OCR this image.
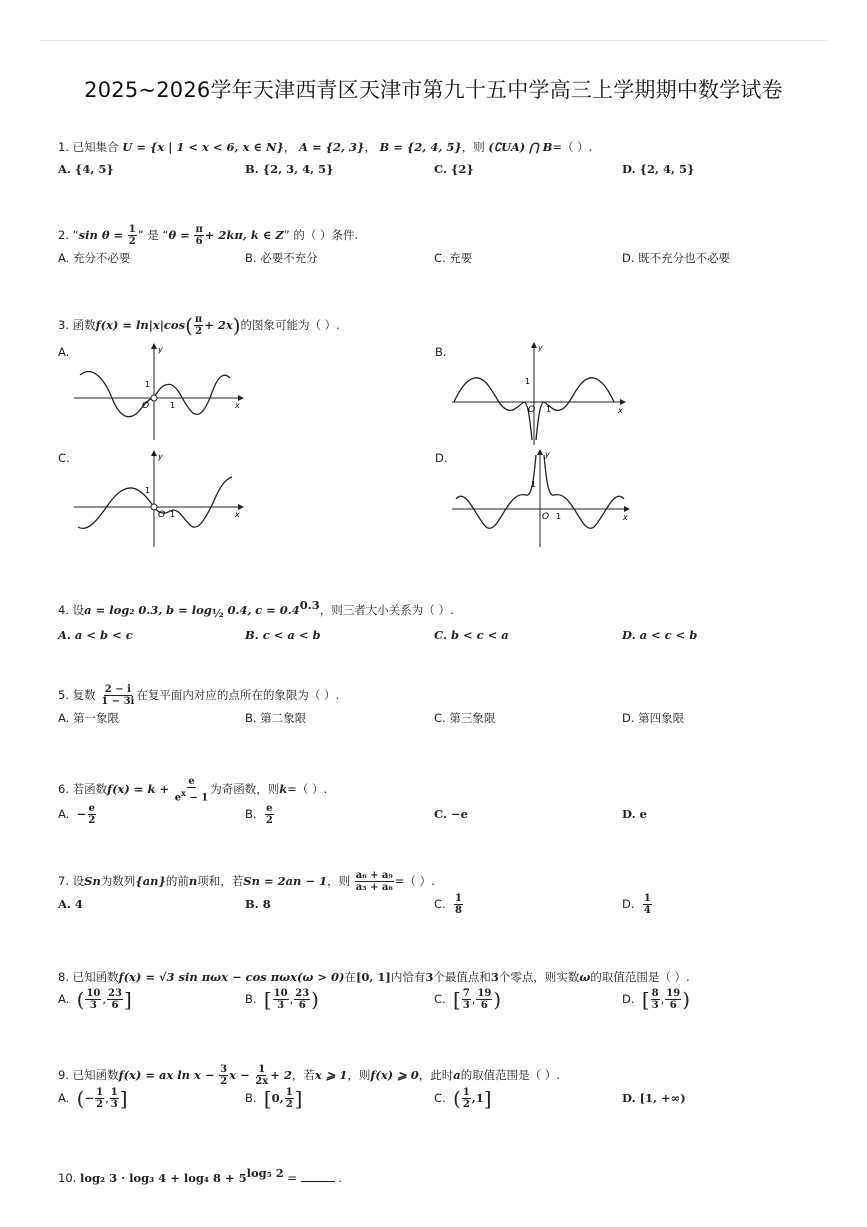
2025~2026学年天津西青区天津市第九十五中学高三上学期期中数学试卷
1. 已知集合 U = {x | 1 < x < 6, x ∈ N}， A = {2, 3}， B = {2, 4, 5}，则 (∁UA) ⋂ B=（ ）.
A. {4, 5}	B. {2, 3, 4, 5}	C. {2}	D. {2, 4, 5}
2. “sin $\theta = \frac{1}{2}$ ” 是 “$\theta = \frac{\pi}{6} + 2k\pi$, k ∈ Z” 的（ ）条件.
A. 充分不必要	B. 必要不充分	C. 充要	D. 既不充分也不必要
3. 函数$f(x) = \ln|x|\cos( \frac{\pi}{2} + 2x)$的图象可能为（ ）.
A.	B.
C.	D.
1
O	1
y
x
1
O 1
y
x
1
O 1
y
x
1
O 1
y
x
4. 设a = log₂ 0.3, $b = \log_{\frac{1}{2}} 0.4$, $c = 0.4^{0.3}$，则三者大小关系为（ ）.
A. a < b < c	B. c < a < b	C. b < c < a	D. a < c < b
5. 复数 $\frac{2 - i}{1 - 3i}$ 在复平面内对应的点所在的象限为（ ）.
A. 第一象限	B. 第二象限	C. 第三象限	D. 第四象限
6. 若函数$f(x) = k + \frac{e}{e^x - 1}$ 为奇函数，则k=（ ）.
A. − $\frac{e}{2}$	B. $\frac{e}{2}$	C. −e	D. e
7. 设Sn为数列{an}的前n项和，若Sn = 2an − 1，则 $\frac{\text{a₆ + a₉}}{\text{a₃ + a₆}}$ =（ ）.
A. 4	B. 8	C. $\frac{1}{8}$	D. $\frac{1}{4}$
8. 已知函数f(x) = √3 sin πωx − cos πωx(ω > 0)在[0, 1]内恰有3个最值点和3个零点，则实数ω的取值范围是（ ）.
A. ( $\frac{10}{3}$ , $\frac{23}{6}$ ]	B. [ $\frac{10}{3}$ , $\frac{23}{6}$ )	C. [ $\frac{7}{3}$ , $\frac{19}{6}$ )	D. [ $\frac{8}{3}$ , $\frac{19}{6}$ )
9. 已知函数f(x) = ax $\ln x - \frac{3}{2}$ $x - \frac{1}{2x} + 2$，若x ⩾ 1，则f(x) ⩾ 0，此时a的取值范围是（ ）.
A. (− $\frac{1}{2}$ , $\frac{1}{3}$ ]	B. [0, $\frac{1}{2}$ ]	C. ( $\frac{1}{2} ,1$]	D. [1, +∞)
10. log₂ 3 · log₃ 4 + log₄ $8 + 5^{log_5 2}$ =	.
